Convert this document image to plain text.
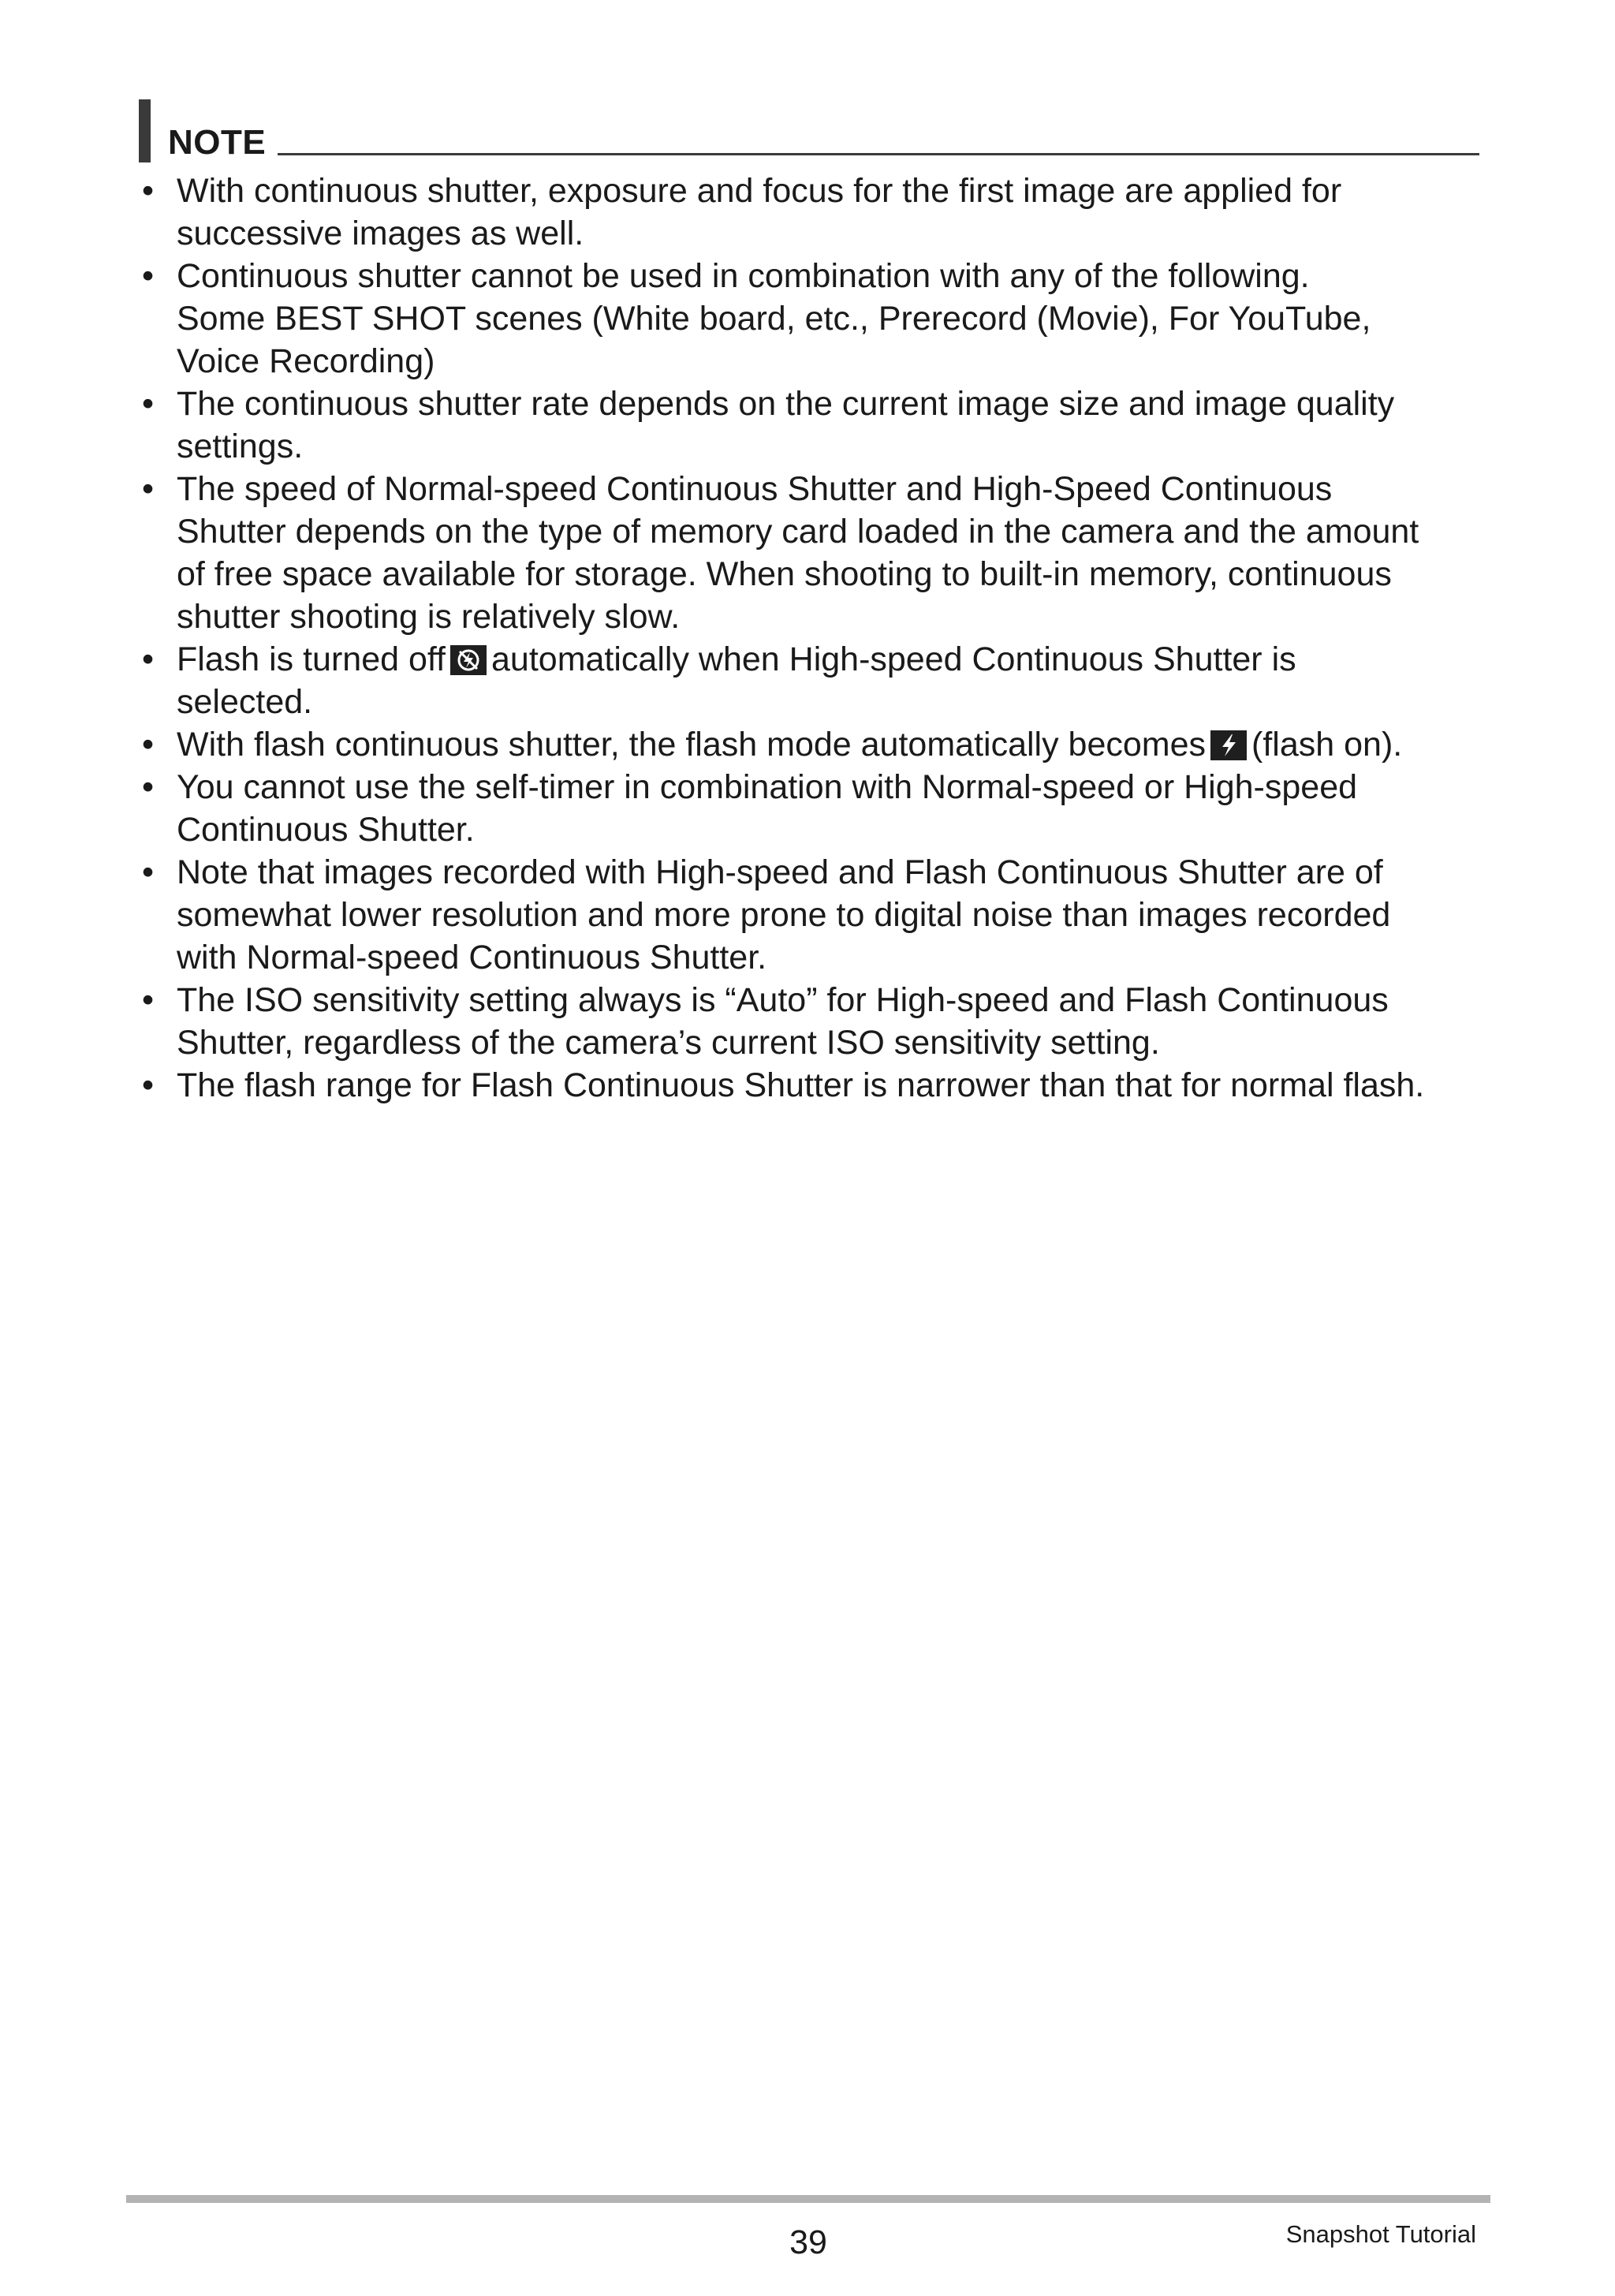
NOTE
• With continuous shutter, exposure and focus for the first image are applied for
successive images as well.
• Continuous shutter cannot be used in combination with any of the following.
Some BEST SHOT scenes (White board, etc., Prerecord (Movie), For YouTube,
Voice Recording)
• The continuous shutter rate depends on the current image size and image quality
settings.
• The speed of Normal-speed Continuous Shutter and High-Speed Continuous
Shutter depends on the type of memory card loaded in the camera and the amount
of free space available for storage. When shooting to built-in memory, continuous
shutter shooting is relatively slow.
• Flash is turned off automatically when High-speed Continuous Shutter is
selected.
• With flash continuous shutter, the flash mode automatically becomes (flash on).
• You cannot use the self-timer in combination with Normal-speed or High-speed
Continuous Shutter.
• Note that images recorded with High-speed and Flash Continuous Shutter are of
somewhat lower resolution and more prone to digital noise than images recorded
with Normal-speed Continuous Shutter.
• The ISO sensitivity setting always is “Auto” for High-speed and Flash Continuous
Shutter, regardless of the camera’s current ISO sensitivity setting.
• The flash range for Flash Continuous Shutter is narrower than that for normal flash.
39	Snapshot Tutorial
